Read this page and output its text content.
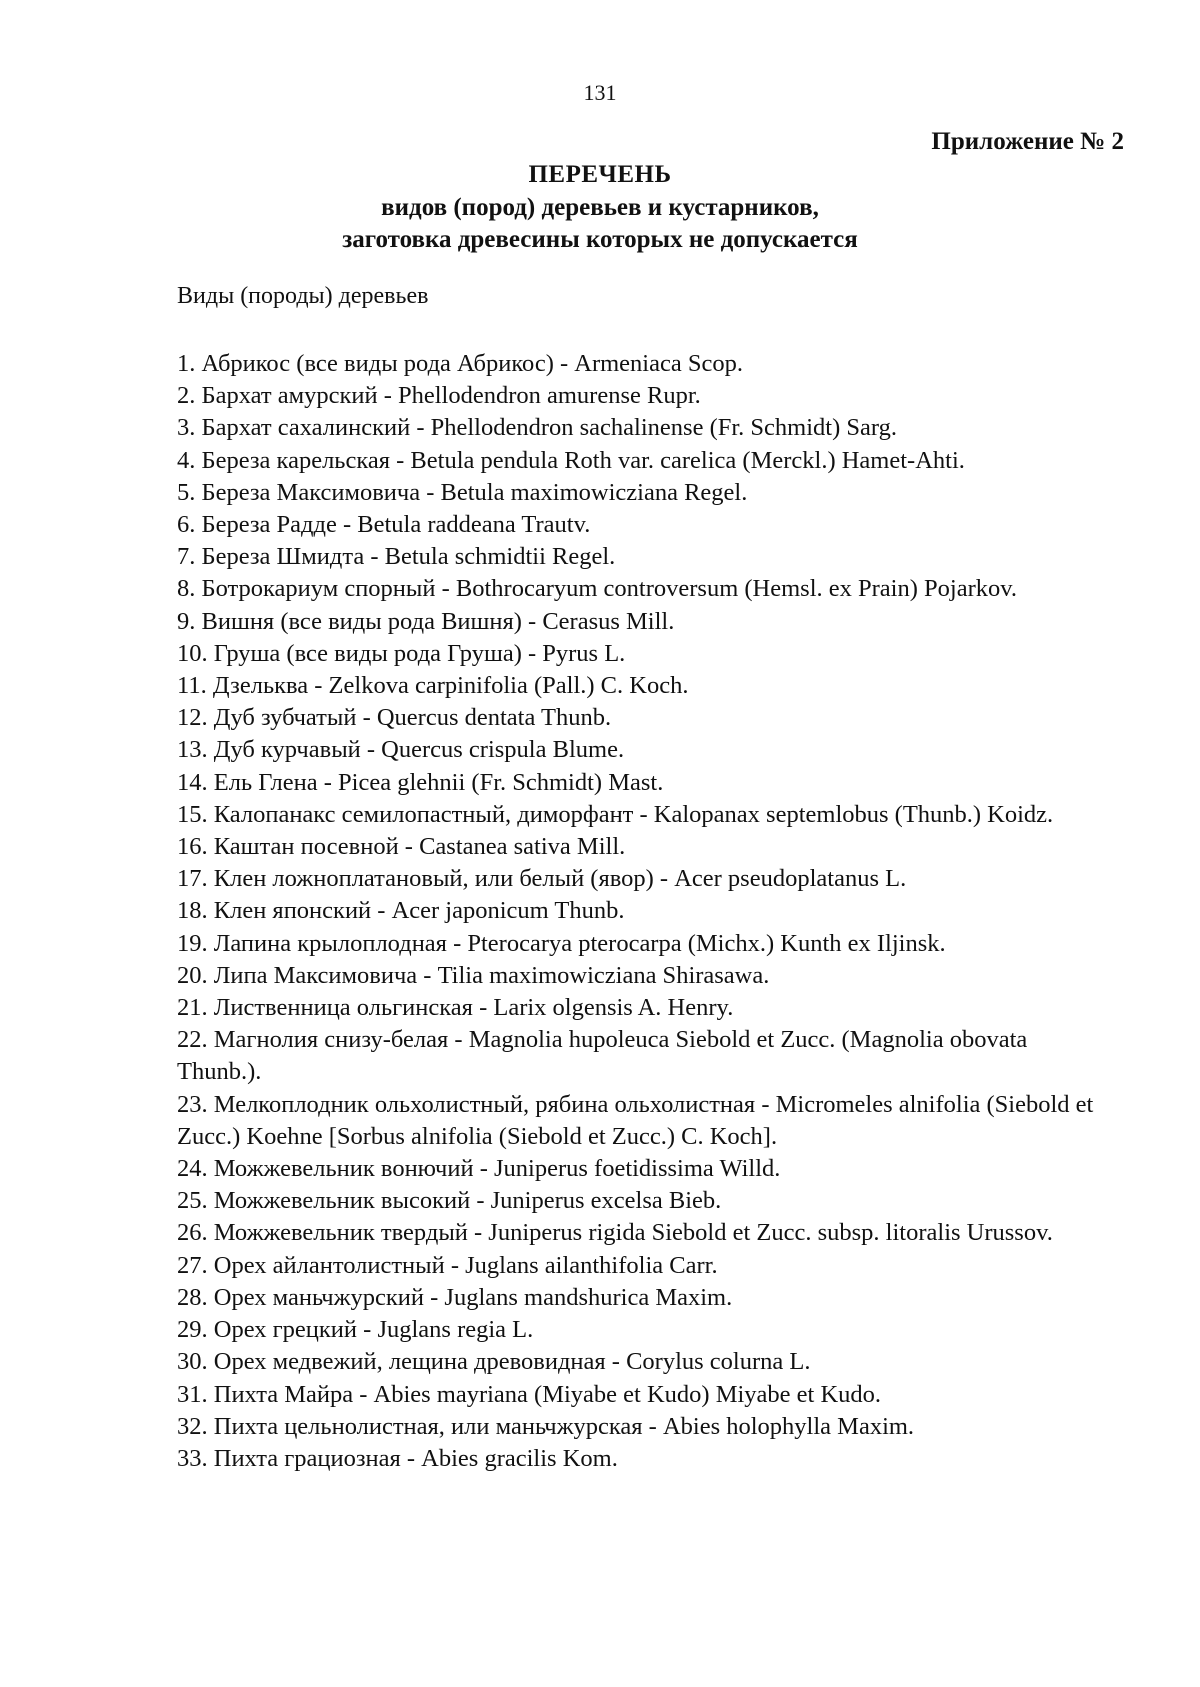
131
Приложение № 2
ПЕРЕЧЕНЬ
видов (пород) деревьев и кустарников,
заготовка древесины которых не допускается
Виды (породы) деревьев
1. Абрикос (все виды рода Абрикос) - Armeniaca Scop.
2. Бархат амурский - Phellodendron amurense Rupr.
3. Бархат сахалинский - Phellodendron sachalinense (Fr. Schmidt) Sarg.
4. Береза карельская - Betula pendula Roth var. carelica (Merckl.) Hamet-Ahti.
5. Береза Максимовича - Betula maximowicziana Regel.
6. Береза Радде - Betula raddeana Trautv.
7. Береза Шмидта - Betula schmidtii Regel.
8. Ботрокариум спорный - Bothrocaryum controversum (Hemsl. ex Prain) Pojarkov.
9. Вишня (все виды рода Вишня) - Cerasus Mill.
10. Груша (все виды рода Груша) - Pyrus L.
11. Дзельква - Zelkova carpinifolia (Pall.) C. Koch.
12. Дуб зубчатый - Quercus dentata Thunb.
13. Дуб курчавый - Quercus crispula Blume.
14. Ель Глена - Picea glehnii (Fr. Schmidt) Mast.
15. Калопанакс семилопастный, диморфант - Kalopanax septemlobus (Thunb.) Koidz.
16. Каштан посевной - Castanea sativa Mill.
17. Клен ложноплатановый, или белый (явор) - Acer pseudoplatanus L.
18. Клен японский - Acer japonicum Thunb.
19. Лапина крылоплодная - Pterocarya pterocarpa (Michx.) Kunth ex Iljinsk.
20. Липа Максимовича - Tilia maximowicziana Shirasawa.
21. Лиственница ольгинская - Larix olgensis A. Henry.
22. Магнолия снизу-белая - Magnolia hupoleuca Siebold et Zucc. (Magnolia obovata Thunb.).
23. Мелкоплодник ольхолистный, рябина ольхолистная - Micromeles alnifolia (Siebold et Zucc.) Koehne [Sorbus alnifolia (Siebold et Zucc.) C. Koch].
24. Можжевельник вонючий - Juniperus foetidissima Willd.
25. Можжевельник высокий - Juniperus excelsa Bieb.
26. Можжевельник твердый - Juniperus rigida Siebold et Zucc. subsp. litoralis Urussov.
27. Орех айлантолистный - Juglans ailanthifolia Carr.
28. Орех маньчжурский - Juglans mandshurica Maxim.
29. Орех грецкий - Juglans regia L.
30. Орех медвежий, лещина древовидная - Corylus colurna L.
31. Пихта Майра - Abies mayriana (Miyabe et Kudo) Miyabe et Kudo.
32. Пихта цельнолистная, или маньчжурская - Abies holophylla Maxim.
33. Пихта грациозная - Abies gracilis Kom.
